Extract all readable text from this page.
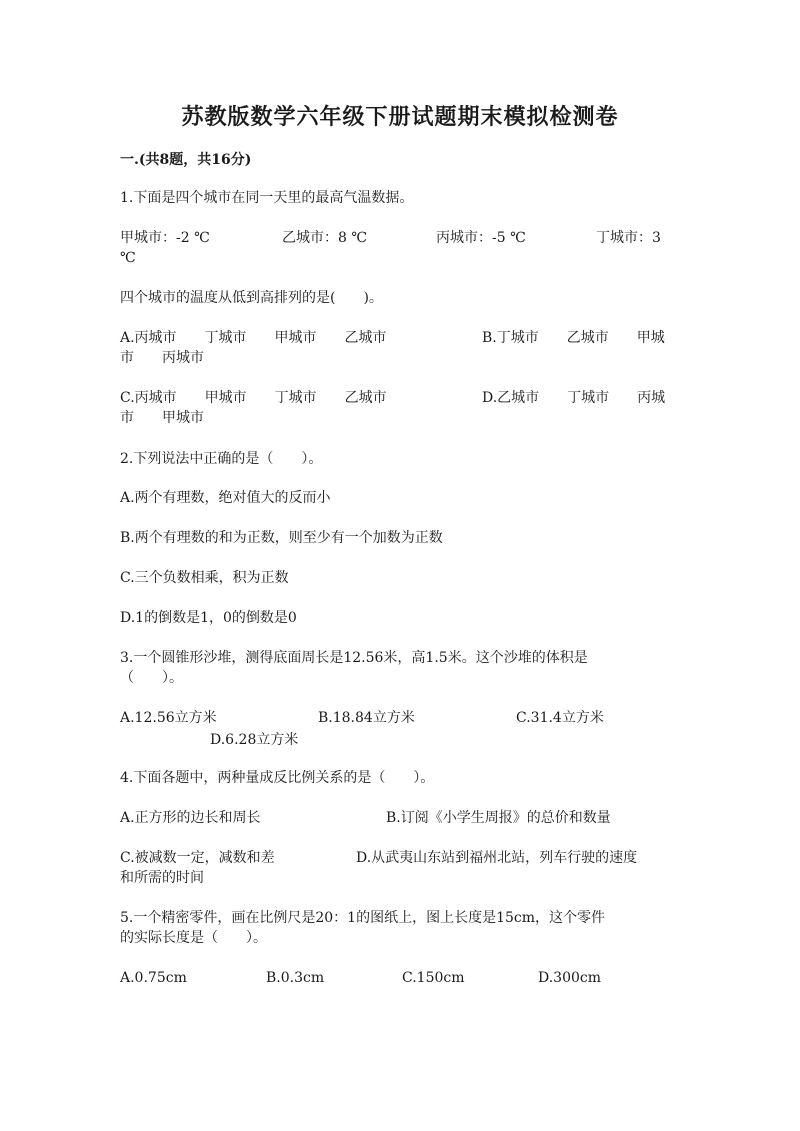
苏教版数学六年级下册试题期末模拟检测卷
一.(共8题，共16分)
1.下面是四个城市在同一天里的最高气温数据。
甲城市：-2 ℃	乙城市：8 ℃	丙城市：-5 ℃	丁城市：3
℃
四个城市的温度从低到高排列的是(　　)。
A.丙城市　　丁城市　　甲城市　　乙城市	B.丁城市　　乙城市　　甲城
市　　丙城市
C.丙城市　　甲城市　　丁城市　　乙城市	D.乙城市　　丁城市　　丙城
市　　甲城市
2.下列说法中正确的是（　　）。
A.两个有理数，绝对值大的反而小
B.两个有理数的和为正数，则至少有一个加数为正数
C.三个负数相乘，积为正数
D.1的倒数是1，0的倒数是0
3.一个圆锥形沙堆，测得底面周长是12.56米，高1.5米。这个沙堆的体积是
（　　）。
A.12.56立方米	B.18.84立方米	C.31.4立方米
D.6.28立方米
4.下面各题中，两种量成反比例关系的是（　　）。
A.正方形的边长和周长	B.订阅《小学生周报》的总价和数量
C.被减数一定，减数和差	D.从武夷山东站到福州北站，列车行驶的速度
和所需的时间
5.一个精密零件，画在比例尺是20：1的图纸上，图上长度是15cm，这个零件
的实际长度是（　　）。
A.0.75cm	B.0.3cm	C.150cm	D.300cm
